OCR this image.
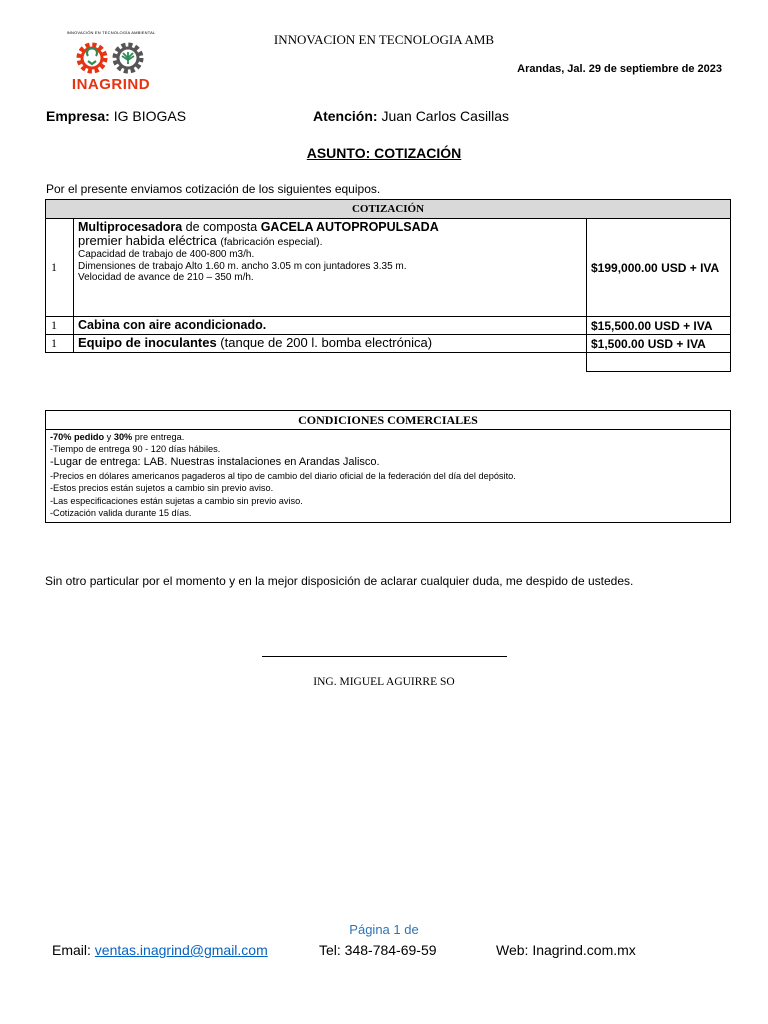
INNOVACIÓN EN TECNOLOGÍA AMBIENTAL
INAGRIND
INNOVACION EN TECNOLOGIA AMB
Arandas, Jal. 29 de septiembre de 2023
Empresa: IG BIOGAS	Atención: Juan Carlos Casillas
ASUNTO: COTIZACIÓN
Por el presente enviamos cotización de los siguientes equipos.
COTIZACIÓN		
1	Multiprocesadora de composta GACELA AUTOPROPULSADA
premier habida eléctrica (fabricación especial).
Capacidad de trabajo de 400-800 m3/h.
Dimensiones de trabajo Alto 1.60 m. ancho 3.05 m con juntadores 3.35 m.
Velocidad de avance de 210 – 350 m/h.	$199,000.00 USD + IVA
1	Cabina con aire acondicionado.	$15,500.00 USD + IVA
1	Equipo de inoculantes (tanque de 200 l. bomba electrónica)	$1,500.00 USD + IVA

CONDICIONES COMERCIALES

-70% pedido y 30% pre entrega.
-Tiempo de entrega 90 - 120 días hábiles.
-Lugar de entrega: LAB. Nuestras instalaciones en Arandas Jalisco.
-Precios en dólares americanos pagaderos al tipo de cambio del diario oficial de la federación del día del depósito.
-Estos precios están sujetos a cambio sin previo aviso.
-Las especificaciones están sujetas a cambio sin previo aviso.
-Cotización valida durante 15 días.
Sin otro particular por el momento y en la mejor disposición de aclarar cualquier duda, me despido de ustedes.
ING. MIGUEL AGUIRRE SO
Página 1 de
Email: ventas.inagrind@gmail.com	Tel: 348-784-69-59	Web: Inagrind.com.mx
